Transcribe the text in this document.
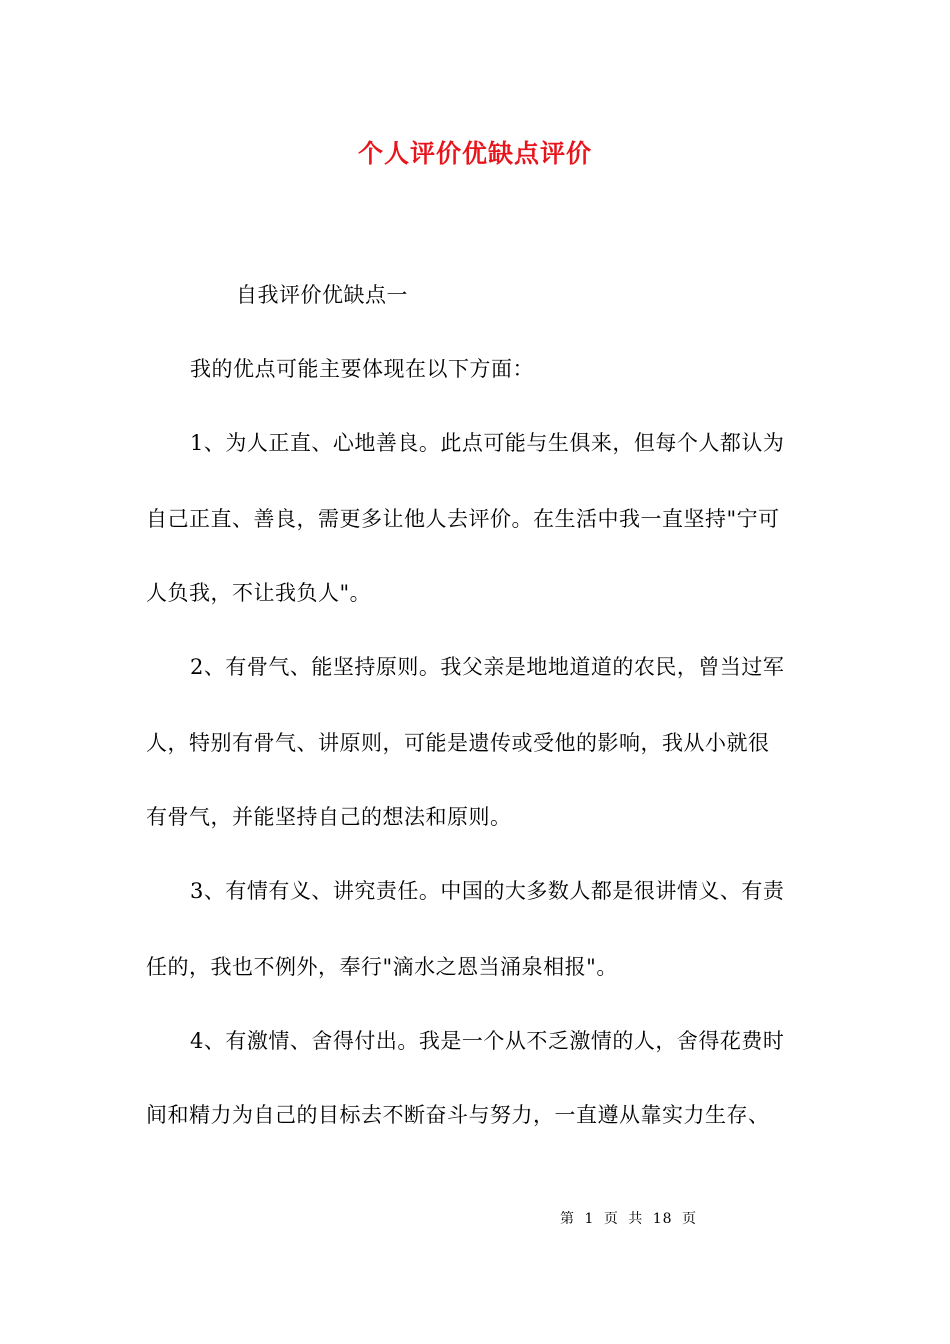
个人评价优缺点评价
自我评价优缺点一
我的优点可能主要体现在以下方面：
1、为人正直、心地善良。此点可能与生俱来，但每个人都认为
自己正直、善良，需更多让他人去评价。在生活中我一直坚持"宁可
人负我，不让我负人"。
2、有骨气、能坚持原则。我父亲是地地道道的农民，曾当过军
人，特别有骨气、讲原则，可能是遗传或受他的影响，我从小就很
有骨气，并能坚持自己的想法和原则。
3、有情有义、讲究责任。中国的大多数人都是很讲情义、有责
任的，我也不例外，奉行"滴水之恩当涌泉相报"。
4、有激情、舍得付出。我是一个从不乏激情的人，舍得花费时
间和精力为自己的目标去不断奋斗与努力，一直遵从靠实力生存、
第 1 页 共 18 页
